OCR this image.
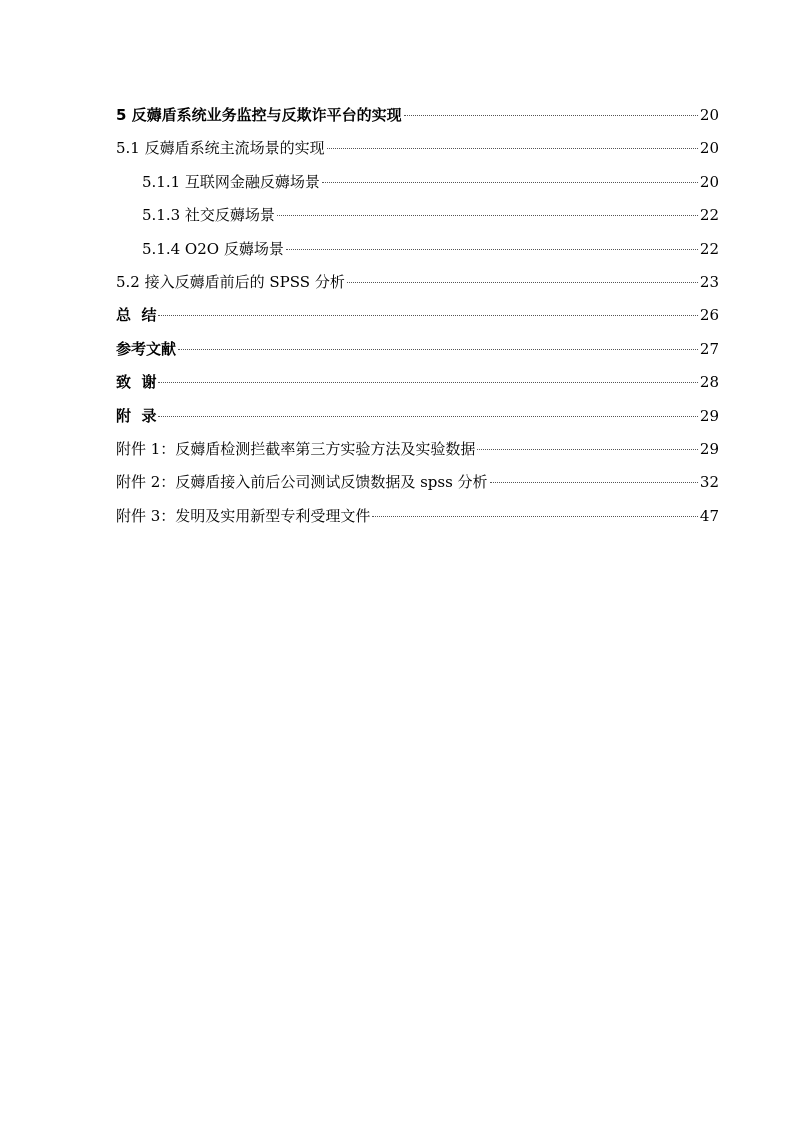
5 反薅盾系统业务监控与反欺诈平台的实现	20
5.1 反薅盾系统主流场景的实现	20
5.1.1 互联网金融反薅场景	20
5.1.3 社交反薅场景	22
5.1.4 O2O 反薅场景	22
5.2 接入反薅盾前后的 SPSS 分析	23
总  结	26
参考文献	27
致  谢	28
附  录	29
附件 1：反薅盾检测拦截率第三方实验方法及实验数据	29
附件 2：反薅盾接入前后公司测试反馈数据及 spss 分析	32
附件 3：发明及实用新型专利受理文件	47
